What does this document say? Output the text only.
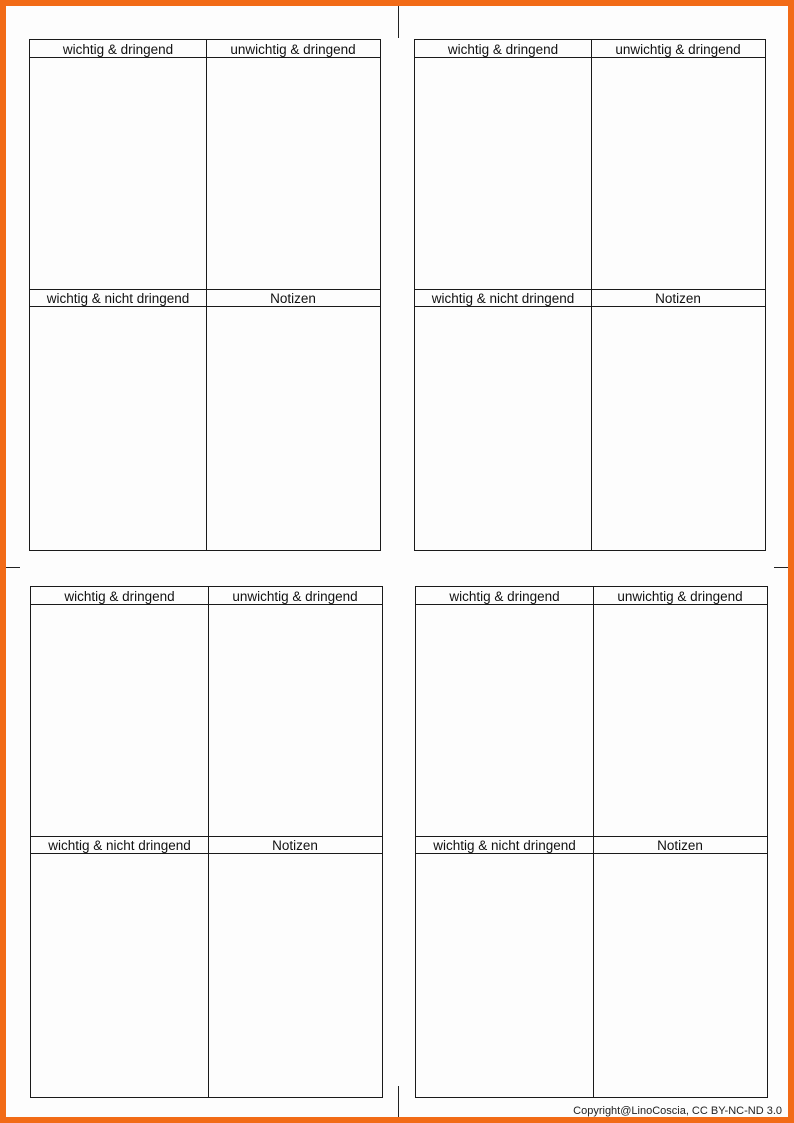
wichtig & dringend	unwichtig & dringend
wichtig & nicht dringend	Notizen
wichtig & dringend	unwichtig & dringend
wichtig & nicht dringend	Notizen
wichtig & dringend	unwichtig & dringend
wichtig & nicht dringend	Notizen
wichtig & dringend	unwichtig & dringend
wichtig & nicht dringend	Notizen
Copyright@LinoCoscia, CC BY-NC-ND 3.0
